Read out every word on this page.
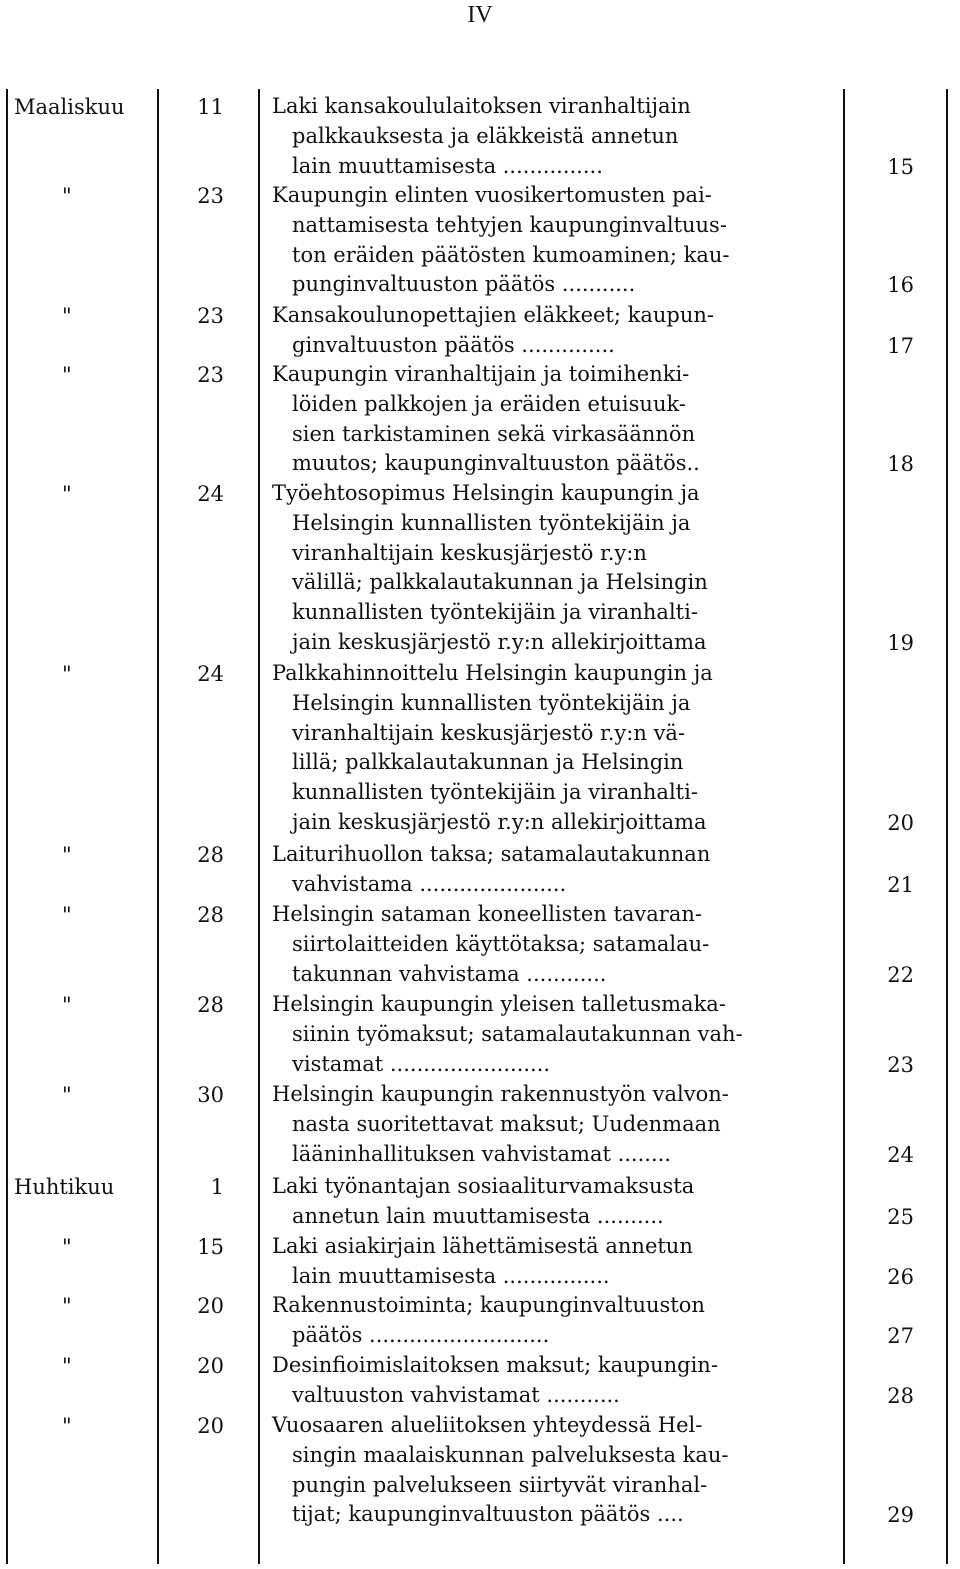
IV
Maaliskuu	11 Laki kansakoululaitoksen viranhaltijain
palkkauksesta ja eläkkeistä annetun
lain muuttamisesta ...............	15
"	23 Kaupungin elinten vuosikertomusten pai-
nattamisesta tehtyjen kaupunginvaltuus-
ton eräiden päätösten kumoaminen; kau-
punginvaltuuston päätös ...........	16
"	23 Kansakoulunopettajien eläkkeet; kaupun-
ginvaltuuston päätös ..............	17
"	23 Kaupungin viranhaltijain ja toimihenki-
löiden palkkojen ja eräiden etuisuuk-
sien tarkistaminen sekä virkasäännön
muutos; kaupunginvaltuuston päätös..	18
"	24 Työehtosopimus Helsingin kaupungin ja
Helsingin kunnallisten työntekijäin ja
viranhaltijain keskusjärjestö r.y:n
välillä; palkkalautakunnan ja Helsingin
kunnallisten työntekijäin ja viranhalti-
jain keskusjärjestö r.y:n allekirjoittama	19
"	24 Palkkahinnoittelu Helsingin kaupungin ja
Helsingin kunnallisten työntekijäin ja
viranhaltijain keskusjärjestö r.y:n vä-
lillä; palkkalautakunnan ja Helsingin
kunnallisten työntekijäin ja viranhalti-
jain keskusjärjestö r.y:n allekirjoittama	20
"	28 Laiturihuollon taksa; satamalautakunnan
vahvistama ......................	21
"	28 Helsingin sataman koneellisten tavaran-
siirtolaitteiden käyttötaksa; satamalau-
takunnan vahvistama ............	22
"	28 Helsingin kaupungin yleisen talletusmaka-
siinin työmaksut; satamalautakunnan vah-
vistamat ........................	23
"	30 Helsingin kaupungin rakennustyön valvon-
nasta suoritettavat maksut; Uudenmaan
lääninhallituksen vahvistamat ........	24
Huhtikuu	1 Laki työnantajan sosiaaliturvamaksusta
annetun lain muuttamisesta ..........	25
"	15 Laki asiakirjain lähettämisestä annetun
lain muuttamisesta ................	26
"	20 Rakennustoiminta; kaupunginvaltuuston
päätös ...........................	27
"	20 Desinfioimislaitoksen maksut; kaupungin-
valtuuston vahvistamat ...........	28
"	20 Vuosaaren alueliitoksen yhteydessä Hel-
singin maalaiskunnan palveluksesta kau-
pungin palvelukseen siirtyvät viranhal-
tijat; kaupunginvaltuuston päätös ....	29
